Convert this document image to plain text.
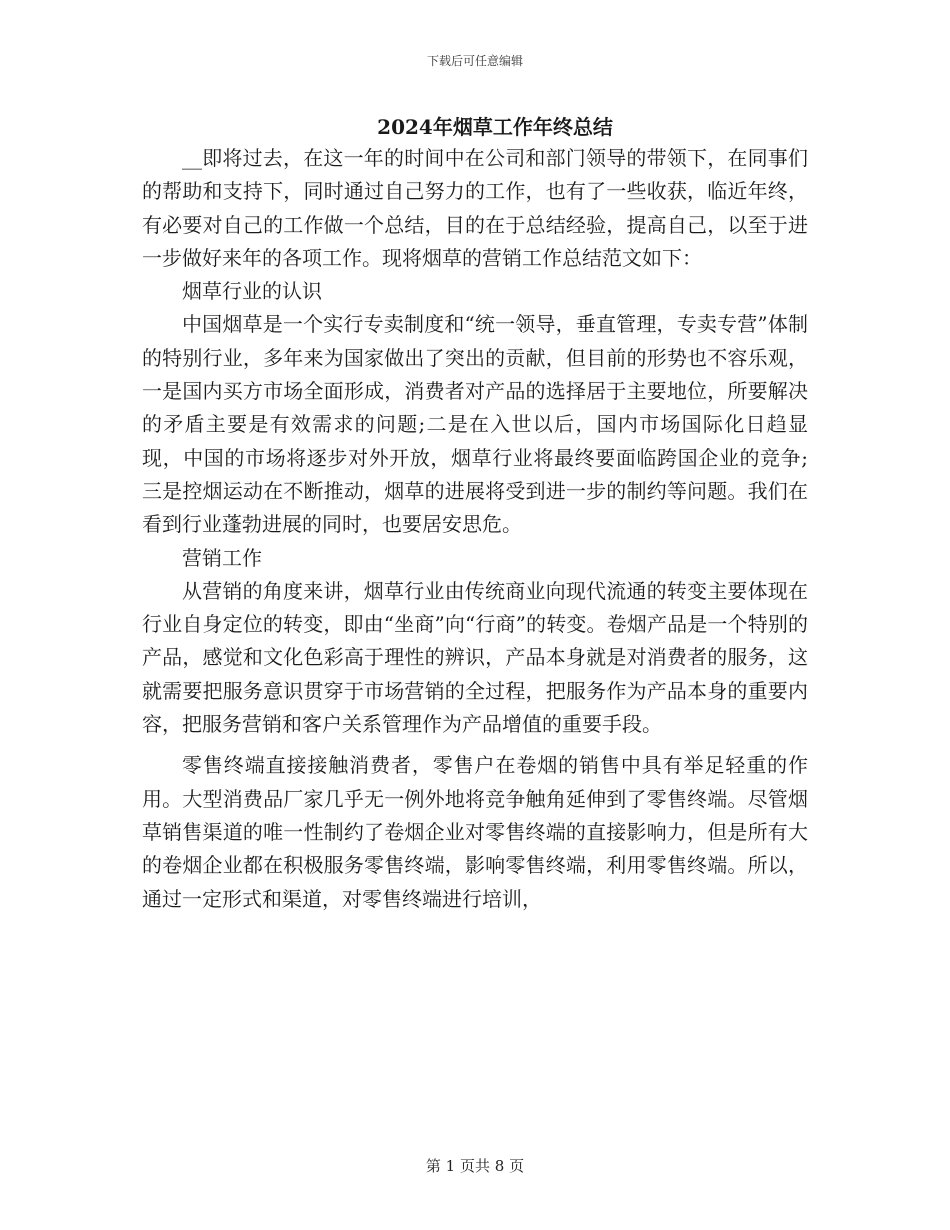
下载后可任意编辑
2024年烟草工作年终总结

__即将过去，在这一年的时间中在公司和部门领导的带领下，在同事们的帮助和支持下，同时通过自己努力的工作，也有了一些收获，临近年终，有必要对自己的工作做一个总结，目的在于总结经验，提高自己，以至于进一步做好来年的各项工作。现将烟草的营销工作总结范文如下：

烟草行业的认识

中国烟草是一个实行专卖制度和“统一领导，垂直管理，专卖专营”体制的特别行业，多年来为国家做出了突出的贡献，但目前的形势也不容乐观，一是国内买方市场全面形成，消费者对产品的选择居于主要地位，所要解决的矛盾主要是有效需求的问题;二是在入世以后，国内市场国际化日趋显现，中国的市场将逐步对外开放，烟草行业将最终要面临跨国企业的竞争;三是控烟运动在不断推动，烟草的进展将受到进一步的制约等问题。我们在看到行业蓬勃进展的同时，也要居安思危。

营销工作

从营销的角度来讲，烟草行业由传统商业向现代流通的转变主要体现在行业自身定位的转变，即由“坐商”向“行商”的转变。卷烟产品是一个特别的产品，感觉和文化色彩高于理性的辨识，产品本身就是对消费者的服务，这就需要把服务意识贯穿于市场营销的全过程，把服务作为产品本身的重要内容，把服务营销和客户关系管理作为产品增值的重要手段。

零售终端直接接触消费者，零售户在卷烟的销售中具有举足轻重的作用。大型消费品厂家几乎无一例外地将竞争触角延伸到了零售终端。尽管烟草销售渠道的唯一性制约了卷烟企业对零售终端的直接影响力，但是所有大的卷烟企业都在积极服务零售终端，影响零售终端，利用零售终端。所以，通过一定形式和渠道，对零售终端进行培训，

第 1 页共 8 页
